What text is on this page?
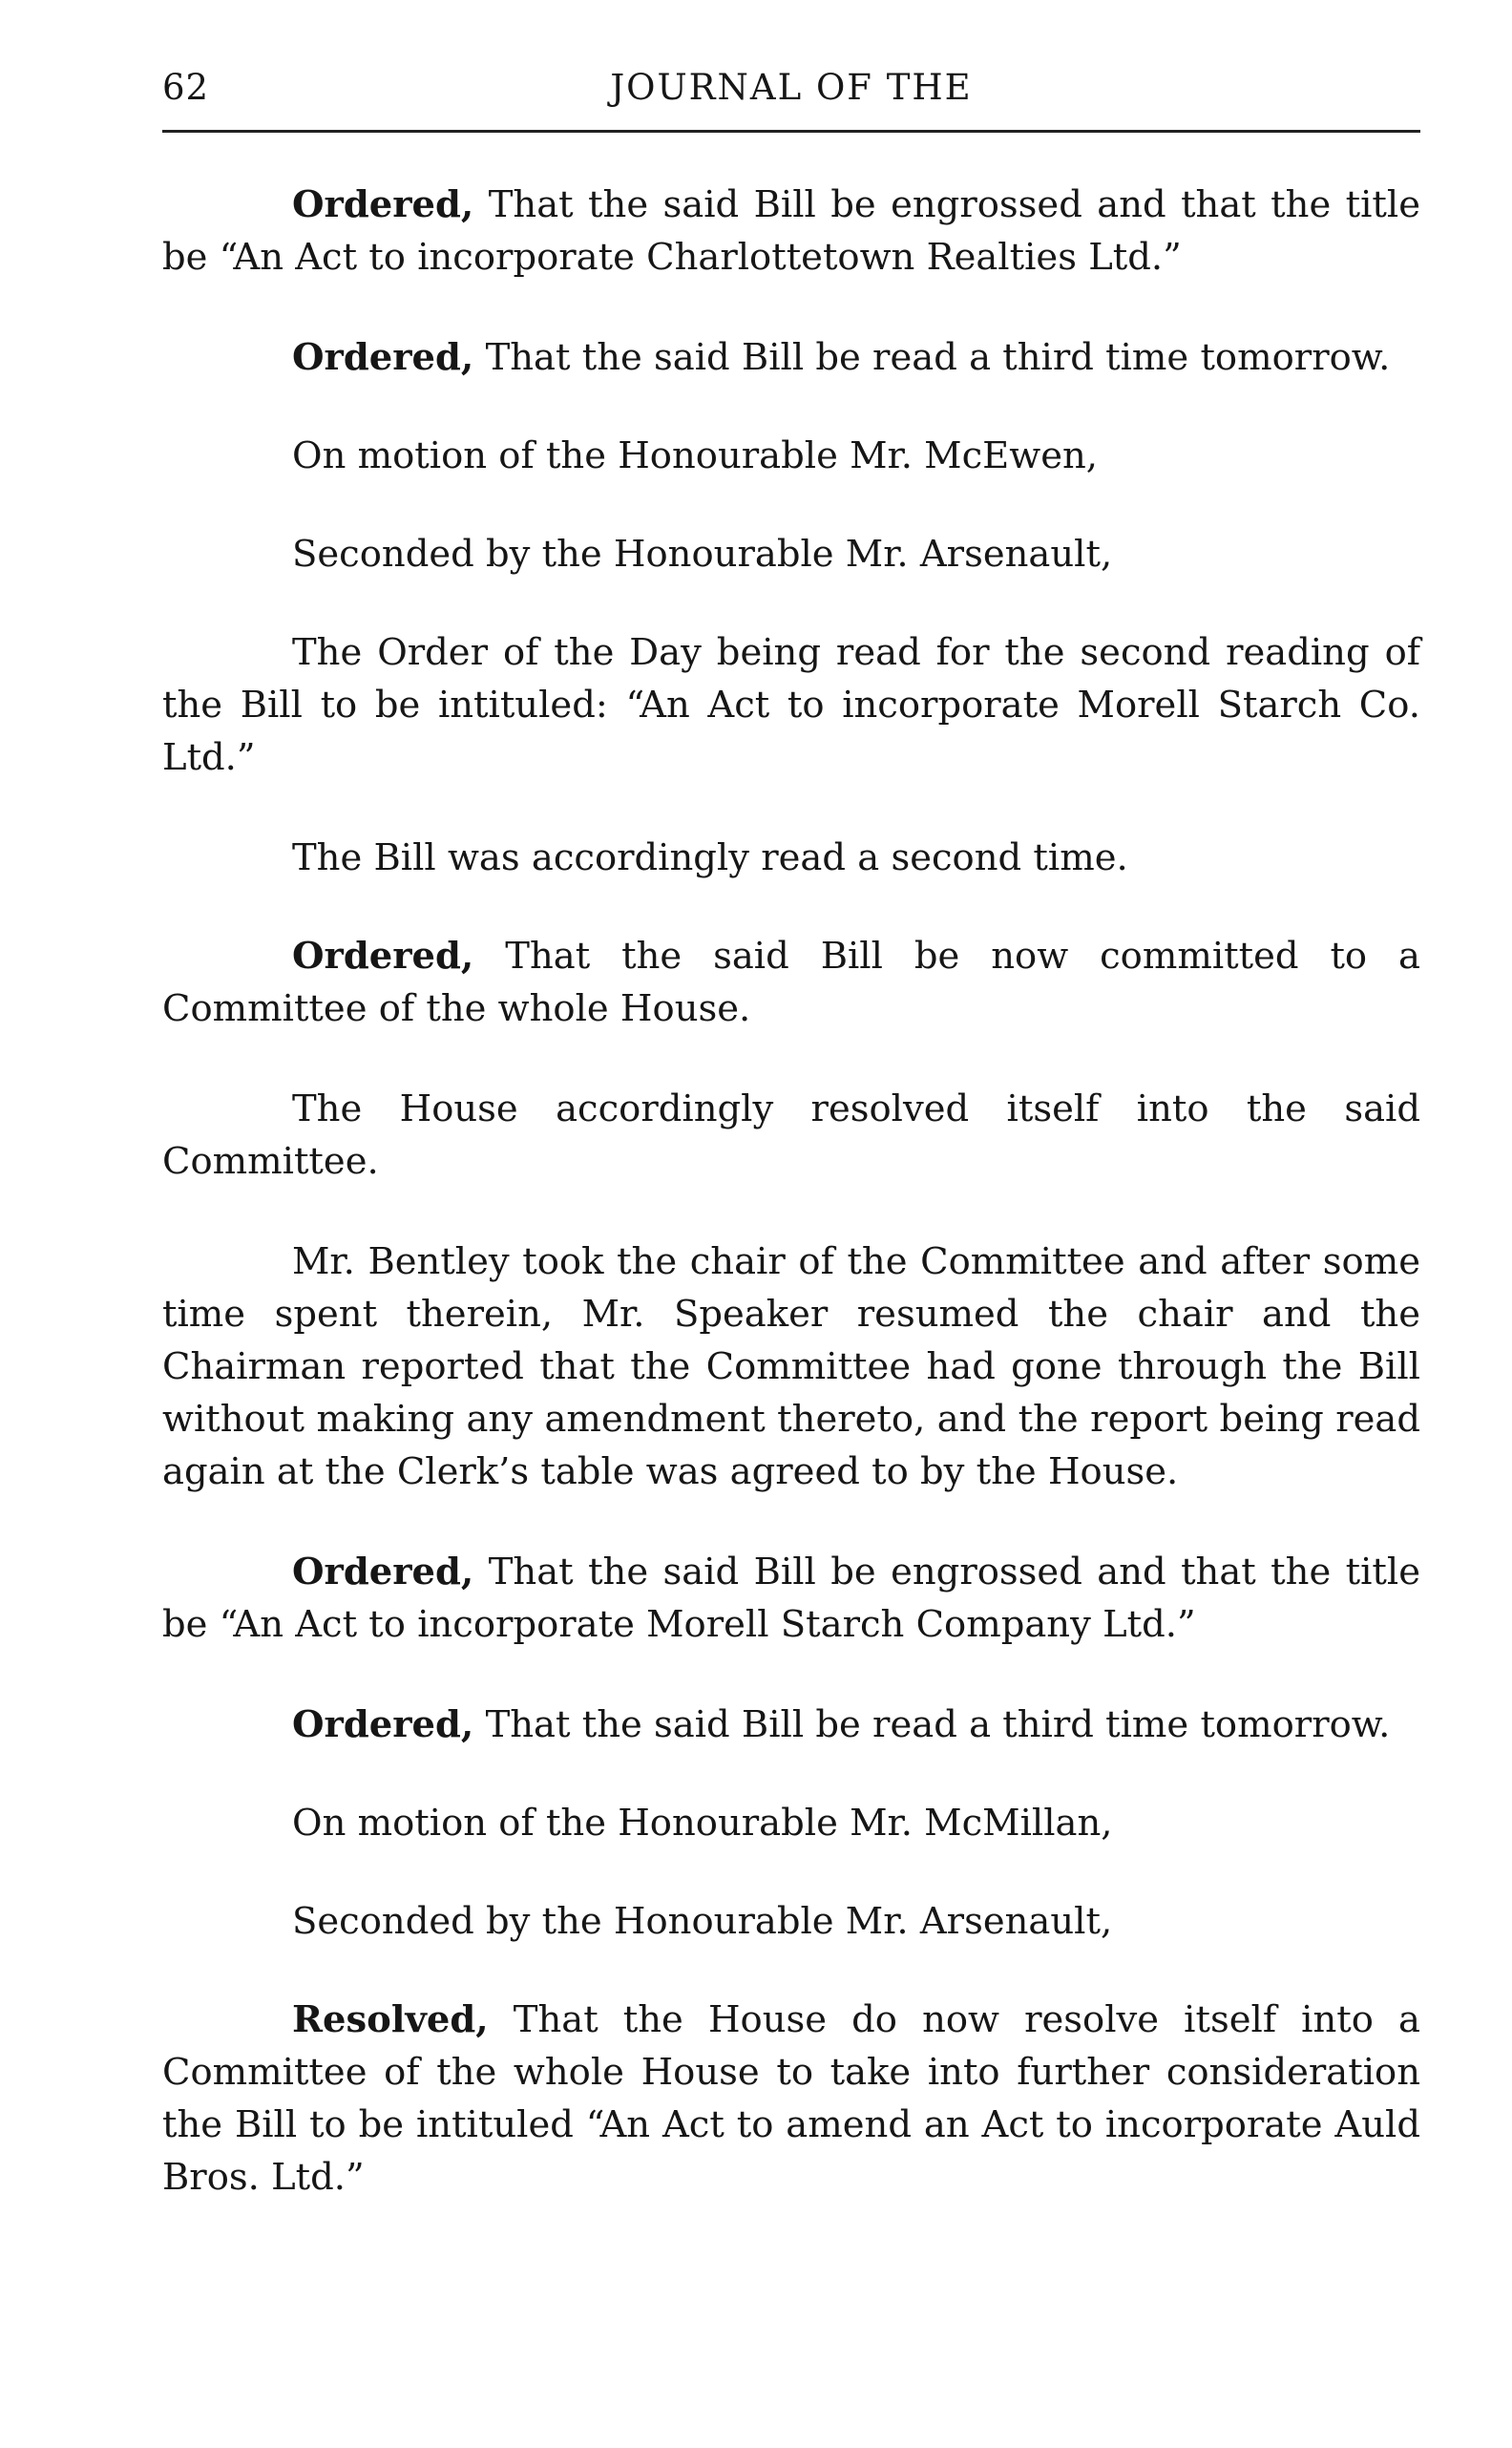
62	JOURNAL OF THE

Ordered, That the said Bill be engrossed and that the title be “An Act to incorporate Charlottetown Realties Ltd.”

Ordered, That the said Bill be read a third time tomorrow.

On motion of the Honourable Mr. McEwen,

Seconded by the Honourable Mr. Arsenault,

The Order of the Day being read for the second reading of the Bill to be intituled: “An Act to incorporate Morell Starch Co. Ltd.”

The Bill was accordingly read a second time.

Ordered, That the said Bill be now committed to a Committee of the whole House.

The House accordingly resolved itself into the said Committee.

Mr. Bentley took the chair of the Committee and after some time spent therein, Mr. Speaker resumed the chair and the Chairman reported that the Committee had gone through the Bill without making any amendment thereto, and the report being read again at the Clerk’s table was agreed to by the House.

Ordered, That the said Bill be engrossed and that the title be “An Act to incorporate Morell Starch Company Ltd.”

Ordered, That the said Bill be read a third time tomorrow.

On motion of the Honourable Mr. McMillan,

Seconded by the Honourable Mr. Arsenault,

Resolved, That the House do now resolve itself into a Committee of the whole House to take into further consideration the Bill to be intituled “An Act to amend an Act to incorporate Auld Bros. Ltd.”
